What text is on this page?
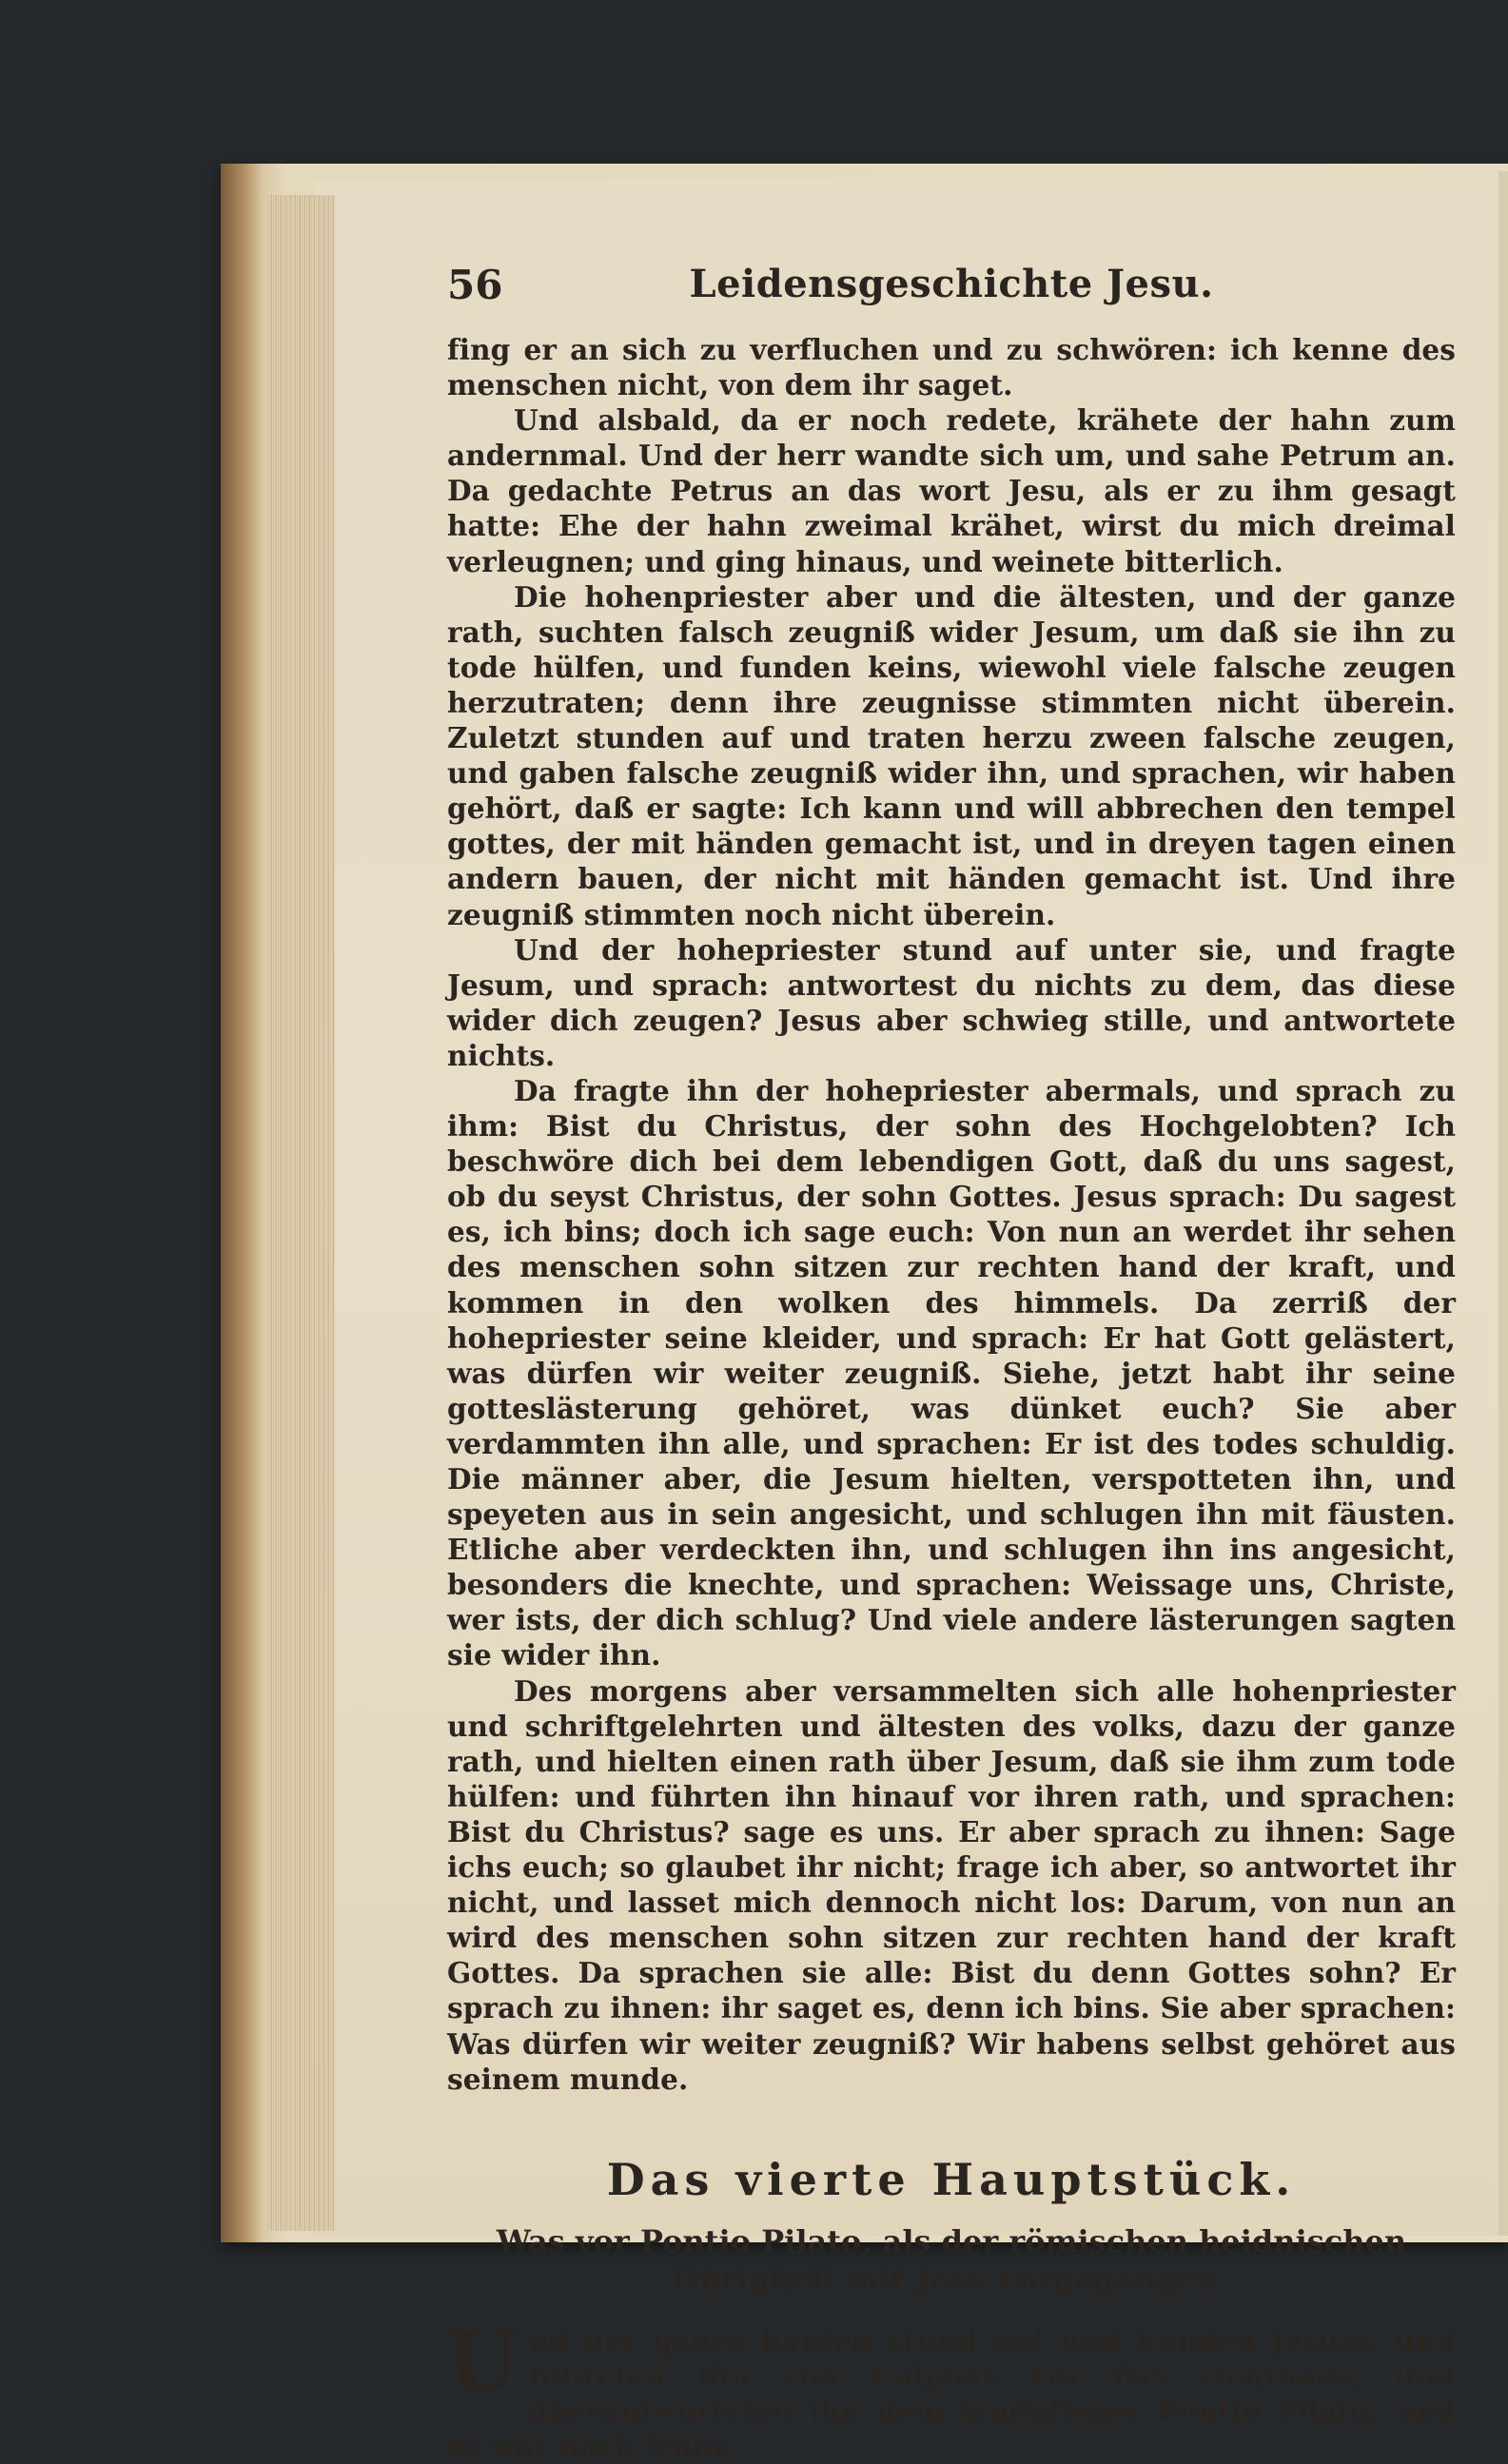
56	Leidensgeschichte Jesu.

fing er an sich zu verfluchen und zu schwören: ich kenne des menschen nicht, von dem ihr saget.

Und alsbald, da er noch redete, krähete der hahn zum andernmal. Und der herr wandte sich um, und sahe Petrum an. Da gedachte Petrus an das wort Jesu, als er zu ihm gesagt hatte: Ehe der hahn zweimal krähet, wirst du mich dreimal verleugnen; und ging hinaus, und weinete bitterlich.

Die hohenpriester aber und die ältesten, und der ganze rath, suchten falsch zeugniß wider Jesum, um daß sie ihn zu tode hülfen, und funden keins, wiewohl viele falsche zeugen herzutraten; denn ihre zeugnisse stimmten nicht überein. Zuletzt stunden auf und traten herzu zween falsche zeugen, und gaben falsche zeugniß wider ihn, und sprachen, wir haben gehört, daß er sagte: Ich kann und will abbrechen den tempel gottes, der mit händen gemacht ist, und in dreyen tagen einen andern bauen, der nicht mit händen gemacht ist. Und ihre zeugniß stimmten noch nicht überein.

Und der hohepriester stund auf unter sie, und fragte Jesum, und sprach: antwortest du nichts zu dem, das diese wider dich zeugen? Jesus aber schwieg stille, und antwortete nichts.

Da fragte ihn der hohepriester abermals, und sprach zu ihm: Bist du Christus, der sohn des Hochgelobten? Ich beschwöre dich bei dem lebendigen Gott, daß du uns sagest, ob du seyst Christus, der sohn Gottes. Jesus sprach: Du sagest es, ich bins; doch ich sage euch: Von nun an werdet ihr sehen des menschen sohn sitzen zur rechten hand der kraft, und kommen in den wolken des himmels. Da zerriß der hohepriester seine kleider, und sprach: Er hat Gott gelästert, was dürfen wir weiter zeugniß. Siehe, jetzt habt ihr seine gotteslästerung gehöret, was dünket euch? Sie aber verdammten ihn alle, und sprachen: Er ist des todes schuldig. Die männer aber, die Jesum hielten, verspotteten ihn, und speyeten aus in sein angesicht, und schlugen ihn mit fäusten. Etliche aber verdeckten ihn, und schlugen ihn ins angesicht, besonders die knechte, und sprachen: Weissage uns, Christe, wer ists, der dich schlug? Und viele andere lästerungen sagten sie wider ihn.

Des morgens aber versammelten sich alle hohenpriester und schriftgelehrten und ältesten des volks, dazu der ganze rath, und hielten einen rath über Jesum, daß sie ihm zum tode hülfen: und führten ihn hinauf vor ihren rath, und sprachen: Bist du Christus? sage es uns. Er aber sprach zu ihnen: Sage ichs euch; so glaubet ihr nicht; frage ich aber, so antwortet ihr nicht, und lasset mich dennoch nicht los: Darum, von nun an wird des menschen sohn sitzen zur rechten hand der kraft Gottes. Da sprachen sie alle: Bist du denn Gottes sohn? Er sprach zu ihnen: ihr saget es, denn ich bins. Sie aber sprachen: Was dürfen wir weiter zeugniß? Wir habens selbst gehöret aus seinem munde.

Das vierte Hauptstück.
Was vor Pontio Pilato, als der römischen heidnischen Obrigkeit mit Jesu vorgegangen.

Und der ganze haufen stund auf und bunden Jesum, und führeten ihn von Caiphas vor das richthaus, und überantworteten ihn dem landpfleger Pontio Pilato; und es war noch frühe.
